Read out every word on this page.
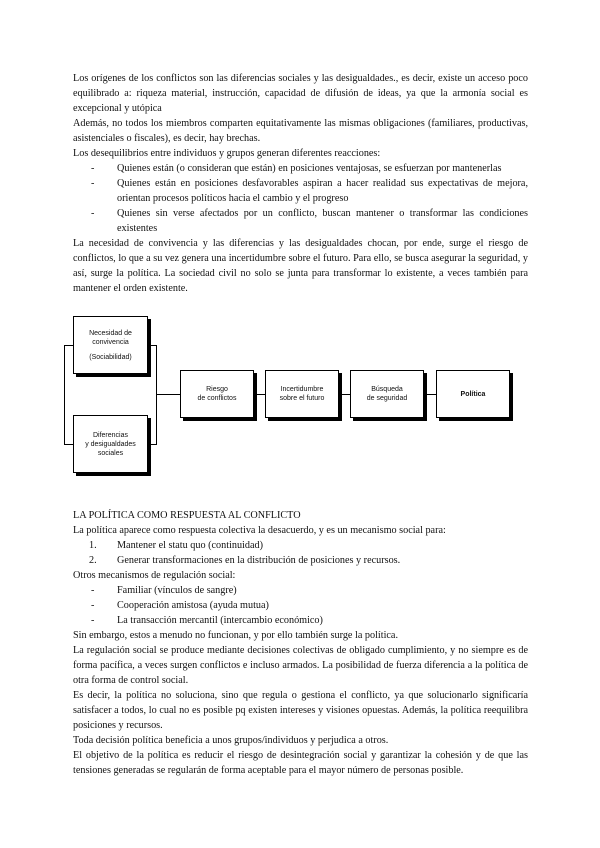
Los orígenes de los conflictos son las diferencias sociales y las desigualdades., es decir, existe un acceso poco equilibrado a: riqueza material, instrucción, capacidad de difusión de ideas, ya que la armonía social es excepcional y utópica

Además, no todos los miembros comparten equitativamente las mismas obligaciones (familiares, productivas, asistenciales o fiscales), es decir, hay brechas.

Los desequilibrios entre individuos y grupos generan diferentes reacciones:

- Quienes están (o consideran que están) en posiciones ventajosas, se esfuerzan por mantenerlas
- Quienes están en posiciones desfavorables aspiran a hacer realidad sus expectativas de mejora, orientan procesos políticos hacia el cambio y el progreso
- Quienes sin verse afectados por un conflicto, buscan mantener o transformar las condiciones existentes

La necesidad de convivencia y las diferencias y las desigualdades chocan, por ende, surge el riesgo de conflictos, lo que a su vez genera una incertidumbre sobre el futuro. Para ello, se busca asegurar la seguridad, y así, surge la política. La sociedad civil no solo se junta para transformar lo existente, a veces también para mantener el orden existente.

Necesidad de
convivencia
(Sociabilidad)
Diferencias
y desigualdades
sociales
Riesgo
de conflictos
Incertidumbre
sobre el futuro
Búsqueda
de seguridad
Política

LA POLÍTICA COMO RESPUESTA AL CONFLICTO

La política aparece como respuesta colectiva la desacuerdo, y es un mecanismo social para:

1. Mantener el statu quo (continuidad)
2. Generar transformaciones en la distribución de posiciones y recursos.

Otros mecanismos de regulación social:

- Familiar (vínculos de sangre)
- Cooperación amistosa (ayuda mutua)
- La transacción mercantil (intercambio económico)

Sin embargo, estos a menudo no funcionan, y por ello también surge la política.

La regulación social se produce mediante decisiones colectivas de obligado cumplimiento, y no siempre es de forma pacífica, a veces surgen conflictos e incluso armados. La posibilidad de fuerza diferencia a la política de otra forma de control social.

Es decir, la política no soluciona, sino que regula o gestiona el conflicto, ya que solucionarlo significaría satisfacer a todos, lo cual no es posible pq existen intereses y visiones opuestas. Además, la política reequilibra posiciones y recursos.

Toda decisión política beneficia a unos grupos/individuos y perjudica a otros.

El objetivo de la política es reducir el riesgo de desintegración social y garantizar la cohesión y de que las tensiones generadas se regularán de forma aceptable para el mayor número de personas posible.
